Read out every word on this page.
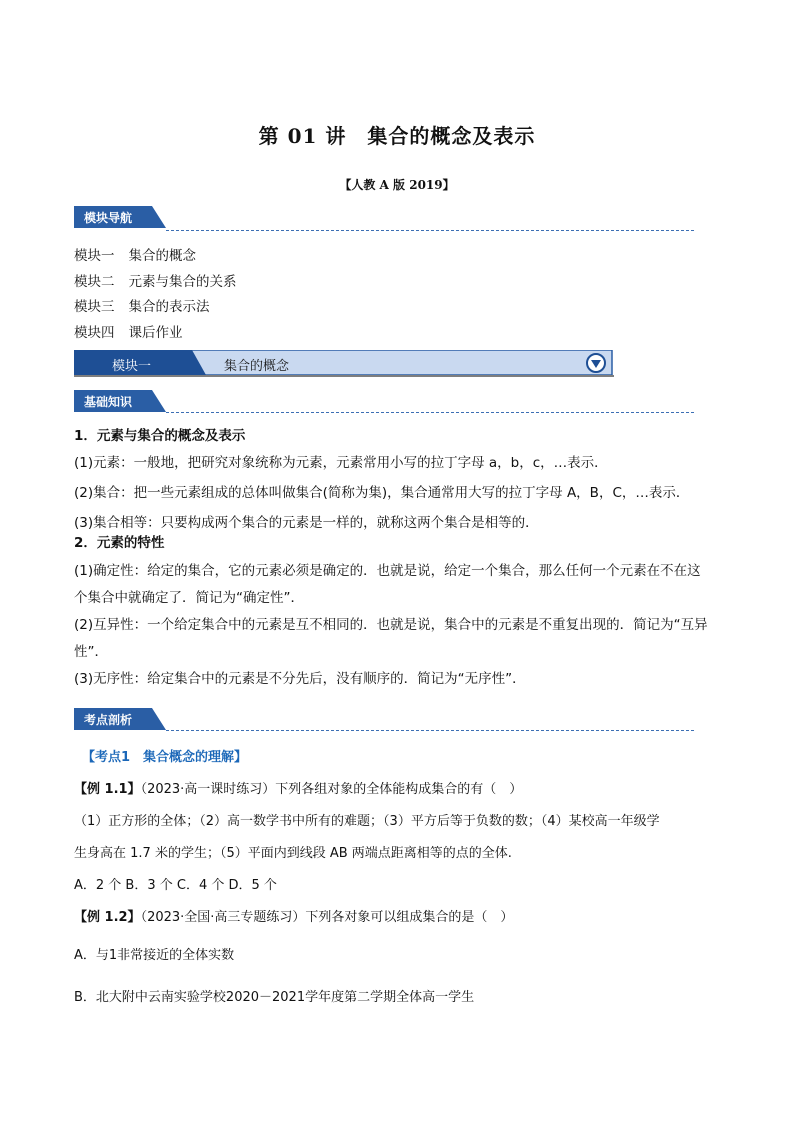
第 01 讲　集合的概念及表示
【人教 A 版 2019】
模块导航
模块一 集合的概念
模块二 元素与集合的关系
模块三 集合的表示法
模块四 课后作业
模块一	集合的概念
基础知识
1．元素与集合的概念及表示
(1)元素：一般地，把研究对象统称为元素，元素常用小写的拉丁字母 a，b，c，…表示．
(2)集合：把一些元素组成的总体叫做集合(简称为集)，集合通常用大写的拉丁字母 A，B，C，…表示．
(3)集合相等：只要构成两个集合的元素是一样的，就称这两个集合是相等的．
2．元素的特性
(1)确定性：给定的集合，它的元素必须是确定的．也就是说，给定一个集合，那么任何一个元素在不在这
个集合中就确定了．简记为“确定性”．
(2)互异性：一个给定集合中的元素是互不相同的．也就是说，集合中的元素是不重复出现的．简记为“互异
性”．
(3)无序性：给定集合中的元素是不分先后，没有顺序的．简记为“无序性”．
考点剖析
【考点1　集合概念的理解】
【例 1.1】（2023·高一课时练习）下列各组对象的全体能构成集合的有（　）
（1）正方形的全体；（2）高一数学书中所有的难题；（3）平方后等于负数的数；（4）某校高一年级学
生身高在 1.7 米的学生；（5）平面内到线段 AB 两端点距离相等的点的全体.
A．2 个 B．3 个 C．4 个 D．5 个
【例 1.2】（2023·全国·高三专题练习）下列各对象可以组成集合的是（　）
A．与1非常接近的全体实数
B．北大附中云南实验学校2020－2021学年度第二学期全体高一学生
